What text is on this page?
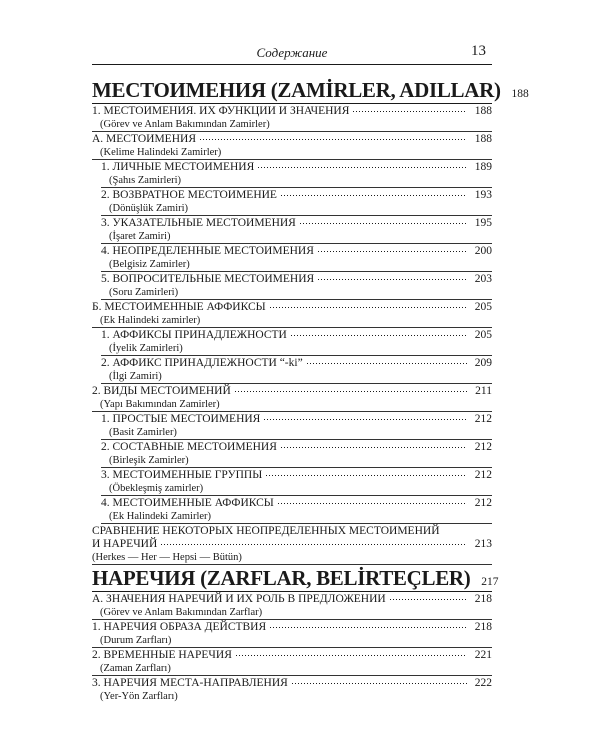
Содержание	13
МЕСТОИМЕНИЯ (ZAMİRLER, ADILLAR) 188
1. МЕСТОИМЕНИЯ. ИХ ФУНКЦИИ И ЗНАЧЕНИЯ	188
(Görev ve Anlam Bakımından Zamirler)
А. МЕСТОИМЕНИЯ	188
(Kelime Halindeki Zamirler)
1. ЛИЧНЫЕ МЕСТОИМЕНИЯ	189
(Şahıs Zamirleri)
2. ВОЗВРАТНОЕ МЕСТОИМЕНИЕ	193
(Dönüşlük Zamiri)
3. УКАЗАТЕЛЬНЫЕ МЕСТОИМЕНИЯ	195
(İşaret Zamiri)
4. НЕОПРЕДЕЛЕННЫЕ МЕСТОИМЕНИЯ	200
(Belgisiz Zamirler)
5. ВОПРОСИТЕЛЬНЫЕ МЕСТОИМЕНИЯ	203
(Soru Zamirleri)
Б. МЕСТОИМЕННЫЕ АФФИКСЫ	205
(Ek Halindeki zamirler)
1. АФФИКСЫ ПРИНАДЛЕЖНОСТИ	205
(İyelik Zamirleri)
2. АФФИКС ПРИНАДЛЕЖНОСТИ “-ki”	209
(İlgi Zamiri)
2. ВИДЫ МЕСТОИМЕНИЙ	211
(Yapı Bakımından Zamirler)
1. ПРОСТЫЕ МЕСТОИМЕНИЯ	212
(Basit Zamirler)
2. СОСТАВНЫЕ МЕСТОИМЕНИЯ	212
(Birleşik Zamirler)
3. МЕСТОИМЕННЫЕ ГРУППЫ	212
(Öbekleşmiş zamirler)
4. МЕСТОИМЕННЫЕ АФФИКСЫ	212
(Ek Halindeki Zamirler)
СРАВНЕНИЕ НЕКОТОРЫХ НЕОПРЕДЕЛЕННЫХ МЕСТОИМЕНИЙ
И НАРЕЧИЙ	213
(Herkes — Her — Hepsi — Bütün)
НАРЕЧИЯ (ZARFLAR, BELİRTEÇLER) 217
А. ЗНАЧЕНИЯ НАРЕЧИЙ И ИХ РОЛЬ В ПРЕДЛОЖЕНИИ	218
(Görev ve Anlam Bakımından Zarflar)
1. НАРЕЧИЯ ОБРАЗА ДЕЙСТВИЯ	218
(Durum Zarfları)
2. ВРЕМЕННЫЕ НАРЕЧИЯ	221
(Zaman Zarfları)
3. НАРЕЧИЯ МЕСТА-НАПРАВЛЕНИЯ	222
(Yer-Yön Zarfları)
